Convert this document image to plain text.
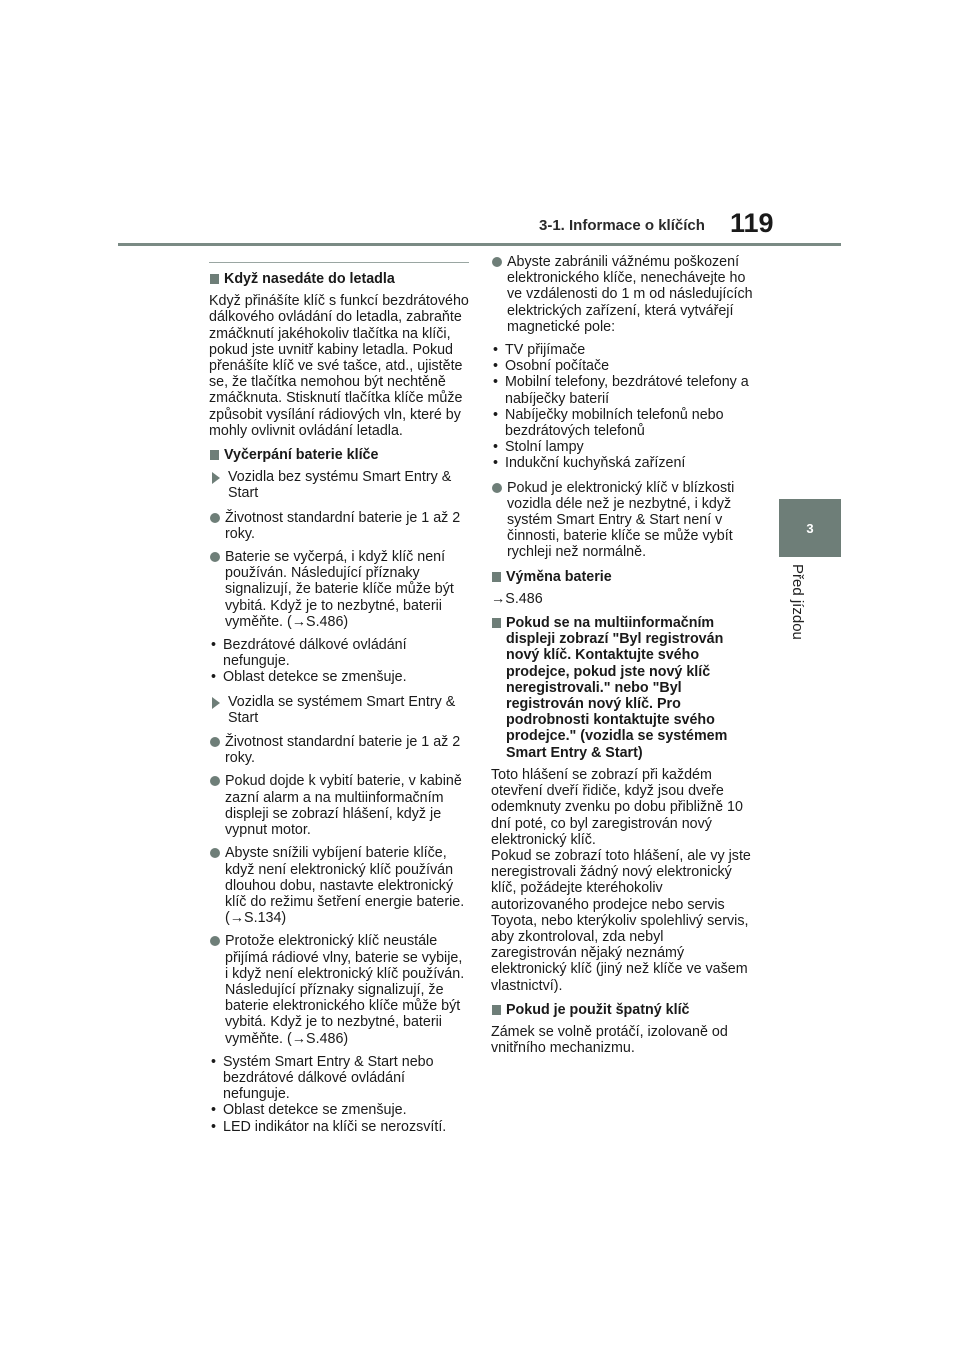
3-1. Informace o klíčích 119
3
Před jízdou
Když nasedáte do letadla
Když přinášíte klíč s funkcí bezdrátového dálkového ovládání do letadla, zabraňte zmáčknutí jakéhokoliv tlačítka na klíči, pokud jste uvnitř kabiny letadla. Pokud přenášíte klíč ve své tašce, atd., ujistěte se, že tlačítka nemohou být nechtěně zmáčknuta. Stisknutí tlačítka klíče může způsobit vysílání rádiových vln, které by mohly ovlivnit ovládání letadla.
Vyčerpání baterie klíče
Vozidla bez systému Smart Entry & Start
Životnost standardní baterie je 1 až 2 roky.
Baterie se vyčerpá, i když klíč není používán. Následující příznaky signalizují, že baterie klíče může být vybitá. Když je to nezbytné, baterii vyměňte. (→S.486)
• Bezdrátové dálkové ovládání nefunguje.
• Oblast detekce se zmenšuje.
Vozidla se systémem Smart Entry & Start
Životnost standardní baterie je 1 až 2 roky.
Pokud dojde k vybití baterie, v kabině zazní alarm a na multiinformačním displeji se zobrazí hlášení, když je vypnut motor.
Abyste snížili vybíjení baterie klíče, když není elektronický klíč používán dlouhou dobu, nastavte elektronický klíč do režimu šetření energie baterie. (→S.134)
Protože elektronický klíč neustále přijímá rádiové vlny, baterie se vybije, i když není elektronický klíč používán. Následující příznaky signalizují, že baterie elektronického klíče může být vybitá. Když je to nezbytné, baterii vyměňte. (→S.486)
• Systém Smart Entry & Start nebo bezdrátové dálkové ovládání nefunguje.
• Oblast detekce se zmenšuje.
• LED indikátor na klíči se nerozsvítí.
Abyste zabránili vážnému poškození elektronického klíče, nenechávejte ho ve vzdálenosti do 1 m od následujících elektrických zařízení, která vytvářejí magnetické pole:
• TV přijímače
• Osobní počítače
• Mobilní telefony, bezdrátové telefony a nabíječky baterií
• Nabíječky mobilních telefonů nebo bezdrátových telefonů
• Stolní lampy
• Indukční kuchyňská zařízení
Pokud je elektronický klíč v blízkosti vozidla déle než je nezbytné, i když systém Smart Entry & Start není v činnosti, baterie klíče se může vybít rychleji než normálně.
Výměna baterie
→S.486
Pokud se na multiinformačním displeji zobrazí "Byl registrován nový klíč. Kontaktujte svého prodejce, pokud jste nový klíč neregistrovali." nebo "Byl registrován nový klíč. Pro podrobnosti kontaktujte svého prodejce." (vozidla se systémem Smart Entry & Start)
Toto hlášení se zobrazí při každém otevření dveří řidiče, když jsou dveře odemknuty zvenku po dobu přibližně 10 dní poté, co byl zaregistrován nový elektronický klíč.
Pokud se zobrazí toto hlášení, ale vy jste neregistrovali žádný nový elektronický klíč, požádejte kteréhokoliv autorizovaného prodejce nebo servis Toyota, nebo kterýkoliv spolehlivý servis, aby zkontroloval, zda nebyl zaregistrován nějaký neznámý elektronický klíč (jiný než klíče ve vašem vlastnictví).
Pokud je použit špatný klíč
Zámek se volně protáčí, izolovaně od vnitřního mechanizmu.
